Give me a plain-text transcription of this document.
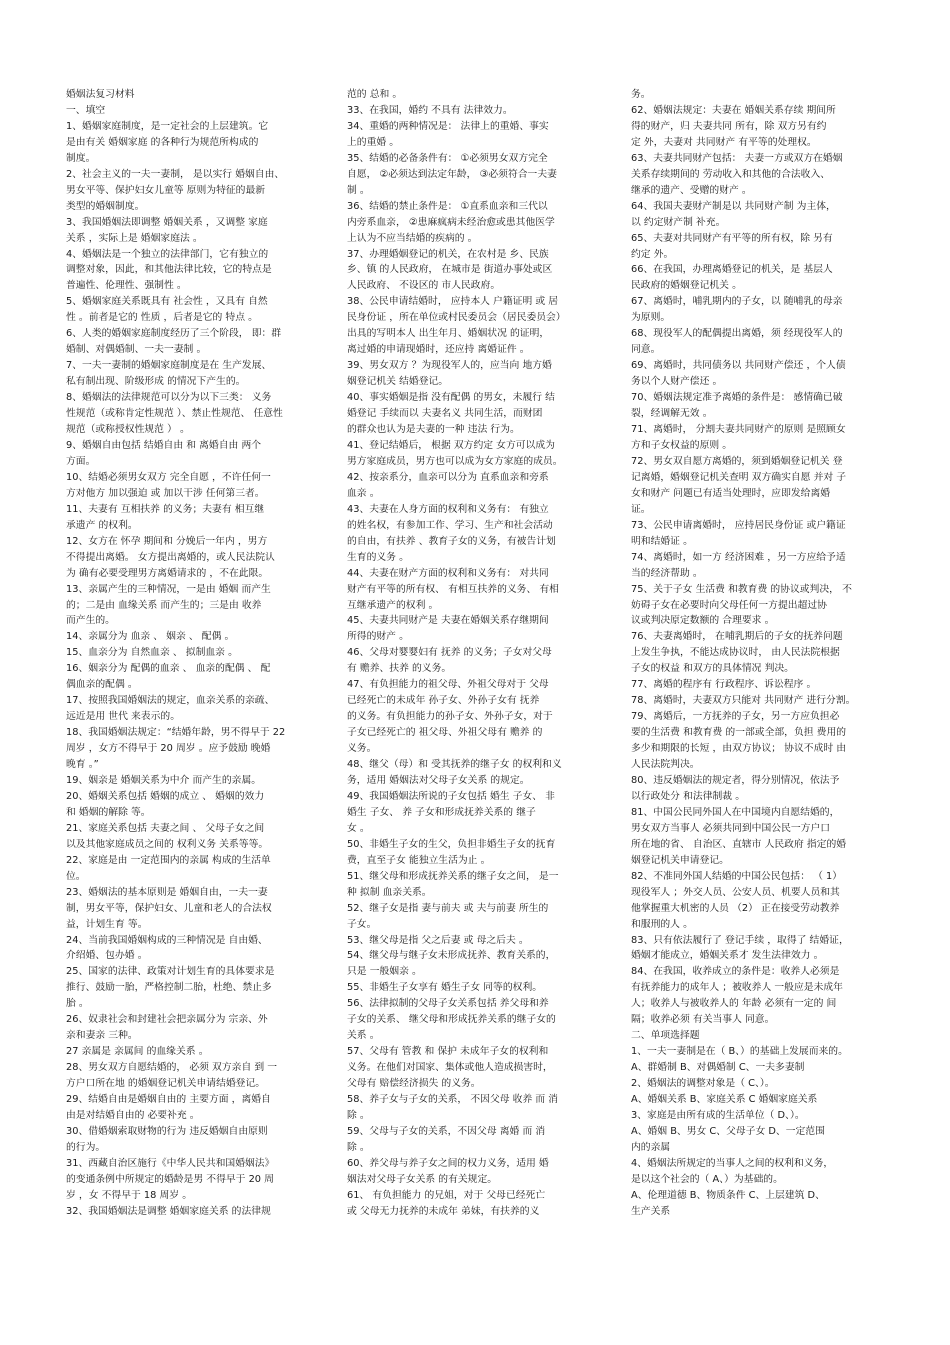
婚姻法复习材料

一、填空

1、婚姻家庭制度，是一定社会的上层建筑。它

是由有关 婚姻家庭 的各种行为规范所构成的

制度。

2、社会主义的一夫一妻制， 是以实行 婚姻自由、

男女平等、保护妇女儿童等 原则为特征的最新

类型的婚姻制度。

3、我国婚姻法即调整 婚姻关系 ，又调整 家庭

关系 ，实际上是 婚姻家庭法 。

4、婚姻法是一个独立的法律部门，它有独立的

调整对象，因此，和其他法律比较，它的特点是

普遍性、伦理性、强制性 。

5、婚姻家庭关系既具有 社会性 ，又具有 自然

性 。前者是它的 性质 ，后者是它的 特点 。

6、人类的婚姻家庭制度经历了三个阶段， 即：群

婚制、对偶婚制、一夫一妻制 。

7、一夫一妻制的婚姻家庭制度是在 生产发展、

私有制出现、阶级形成 的情况下产生的。

8、婚姻法的法律规范可以分为以下三类： 义务

性规范（或称肯定性规范 ）、禁止性规范、 任意性

规范（或称授权性规范 ） 。

9、婚姻自由包括 结婚自由 和 离婚自由 两个

方面。

10、结婚必须男女双方 完全自愿 ，不许任何一

方对他方 加以强迫 或 加以干涉 任何第三者。

11、夫妻有 互相扶养 的义务；夫妻有 相互继

承遗产 的权利。

12、女方在 怀孕 期间和 分娩后一年内 ，男方

不得提出离婚。 女方提出离婚的，或人民法院认

为 确有必要受理男方离婚请求的 ，不在此限。

13、亲属产生的三种情况，一是由 婚姻 而产生

的；二是由 血缘关系 而产生的；三是由 收养

而产生的。

14、亲属分为 血亲 、 姻亲 、 配偶 。

15、血亲分为 自然血亲 、 拟制血亲 。

16、姻亲分为 配偶的血亲 、 血亲的配偶 、 配

偶血亲的配偶 。

17、按照我国婚姻法的规定，血亲关系的亲疏、

远近是用 世代 来表示的。

18、我国婚姻法规定：“结婚年龄，男不得早于 22

周岁 ，女方不得早于 20 周岁 。应予鼓励 晚婚

晚育 。”

19、姻亲是 婚姻关系为中介 而产生的亲属。

20、婚姻关系包括 婚姻的成立 、 婚姻的效力

和 婚姻的解除 等。

21、家庭关系包括 夫妻之间 、 父母子女之间

以及其他家庭成员之间的 权利义务 关系等等。

22、家庭是由 一定范围内的亲属 构成的生活单

位。

23、婚姻法的基本原则是 婚姻自由，一夫一妻

制，男女平等，保护妇女、儿童和老人的合法权

益，计划生育 等。

24、当前我国婚姻构成的三种情况是 自由婚、

介绍婚、包办婚 。

25、国家的法律、政策对计划生育的具体要求是

推行、鼓励一胎，严格控制二胎，杜绝、禁止多

胎 。

26、奴隶社会和封建社会把亲属分为 宗亲、外

亲和妻亲 三种。

27 亲属是 亲属间 的血缘关系 。

28、男女双方自愿结婚的， 必须 双方亲自 到 一

方户口所在地 的婚姻登记机关申请结婚登记。

29、结婚自由是婚姻自由的 主要方面 ，离婚自

由是对结婚自由的 必要补充 。

30、借婚姻索取财物的行为 违反婚姻自由原则

的行为。

31、西藏自治区施行《中华人民共和国婚姻法》

的变通条例中所规定的婚龄是男 不得早于 20 周

岁 ，女 不得早于 18 周岁 。

32、我国婚姻法是调整 婚姻家庭关系 的法律规

范的 总和 。

33、在我国，婚约 不具有 法律效力。

34、重婚的两种情况是： 法律上的重婚、事实

上的重婚 。

35、结婚的必备条件有： ①必须男女双方完全

自愿， ②必须达到法定年龄， ③必须符合一夫妻

制 。

36、结婚的禁止条件是： ①直系血亲和三代以

内旁系血亲， ②患麻疯病未经治愈或患其他医学

上认为不应当结婚的疾病的 。

37、办理婚姻登记的机关，在农村是 乡、民族

乡、镇 的人民政府， 在城市是 街道办事处或区

人民政府、 不设区的 市人民政府。

38、公民申请结婚时， 应持本人 户籍证明 或 居

民身份证 ，所在单位或村民委员会（居民委员会）

出具的写明本人 出生年月、婚姻状况 的证明，

离过婚的申请现婚时，还应持 离婚证件 。

39、男女双方 ？为现役军人的，应当向 地方婚

姻登记机关 结婚登记。

40、事实婚姻是指 没有配偶 的男女，未履行 结

婚登记 手续而以 夫妻名义 共同生活，而财团

的群众也认为是夫妻的一种 违法 行为。

41、登记结婚后， 根据 双方约定 女方可以成为

男方家庭成员，男方也可以成为女方家庭的成员。

42、按亲系分，血亲可以分为 直系血亲和旁系

血亲 。

43、夫妻在人身方面的权利和义务有： 有独立

的姓名权，有参加工作、学习、生产和社会活动

的自由，有扶养 、教育子女的义务，有被告计划

生育的义务 。

44、夫妻在财产方面的权利和义务有： 对共同

财产有平等的所有权、 有相互扶养的义务、 有相

互继承遗产的权利 。

45、夫妻共同财产是 夫妻在婚姻关系存继期间

所得的财产 。

46、父母对婴婴妇有 抚养 的义务；子女对父母

有 赡养、扶养 的义务。

47、有负担能力的祖父母、外祖父母对于 父母

已经死亡的未成年 孙子女、外孙子女有 抚养

的义务。有负担能力的孙子女、外孙子女，对于

子女已经死亡的 祖父母、外祖父母有 赡养 的

义务。

48、继父（母）和 受其抚养的继子女 的权利和义

务，适用 婚姻法对父母子女关系 的规定。

49、我国婚姻法所说的子女包括 婚生 子女、 非

婚生 子女、 养 子女和形成抚养关系的 继子

女 。

50、非婚生子女的生父，负担非婚生子女的抚育

费，直至子女 能独立生活为止 。

51、继父母和形成抚养关系的继子女之间， 是一

种 拟制 血亲关系。

52、继子女是指 妻与前夫 或 夫与前妻 所生的

子女。

53、继父母是指 父之后妻 或 母之后夫 。

54、继父母与继子女未形成抚养、教育关系的，

只是 一般姻亲 。

55、非婚生子女享有 婚生子女 同等的权利。

56、法律拟制的父母子女关系包括 养父母和养

子女的关系、 继父母和形成抚养关系的继子女的

关系 。

57、父母有 管教 和 保护 未成年子女的权利和

义务。在他们对国家、集体或他人造成损害时，

父母有 赔偿经济损失 的义务。

58、养子女与子女的关系， 不因父母 收养 而 消

除 。

59、父母与子女的关系，不因父母 离婚 而 消

除 。

60、养父母与养子女之间的权力义务，适用 婚

姻法对父母子女关系 的有关规定。

61、 有负担能力 的兄姐，对于 父母已经死亡

或 父母无力抚养的未成年 弟妹，有扶养的义

务。

62、婚姻法规定：夫妻在 婚姻关系存续 期间所

得的财产，归 夫妻共同 所有，除 双方另有约

定 外，夫妻对 共同财产 有平等的处理权。

63、夫妻共同财产包括： 夫妻一方或双方在婚姻

关系存续期间的 劳动收入和其他的合法收入、

继承的遗产、受赠的财产 。

64、我国夫妻财产制是以 共同财产制 为主体，

以 约定财产制 补充。

65、夫妻对共同财产有平等的所有权，除 另有

约定 外。

66、在我国，办理离婚登记的机关，是 基层人

民政府的婚姻登记机关 。

67、离婚时，哺乳期内的子女，以 随哺乳的母亲

为原则。

68、现役军人的配偶提出离婚，须 经现役军人的

同意。

69、离婚时，共同债务以 共同财产偿还 ，个人债

务以个人财产偿还 。

70、婚姻法规定准予离婚的条件是： 感情确已破

裂，经调解无效 。

71、离婚时， 分割夫妻共同财产的原则 是照顾女

方和子女权益的原则 。

72、男女双自愿方离婚的，须到婚姻登记机关 登

记离婚，婚姻登记机关查明 双方确实自愿 并对 子

女和财产 问题已有适当处理时，应即发给离婚

证。

73、公民申请离婚时， 应持居民身份证 或户籍证

明和结婚证 。

74、离婚时，如一方 经济困难 ，另一方应给予适

当的经济帮助 。

75、关于子女 生活费 和教育费 的协议或判决， 不

妨碍子女在必要时向父母任何一方提出超过协

议或判决原定数额的 合理要求 。

76、夫妻离婚时， 在哺乳期后的子女的抚养问题

上发生争执，不能达成协议时， 由人民法院根据

子女的权益 和双方的具体情况 判决。

77、离婚的程序有 行政程序、诉讼程序 。

78、离婚时，夫妻双方只能对 共同财产 进行分割。

79、离婚后，一方抚养的子女，另一方应负担必

要的生活费 和教育费 的一部或全部，负担 费用的

多少和期限的长短 ，由双方协议； 协议不成时 由

人民法院判决。

80、违反婚姻法的规定者，得分别情况，依法予

以行政处分 和法律制裁 。

81、中国公民同外国人在中国境内自愿结婚的，

男女双方当事人 必须共同到中国公民一方户口

所在地的省、 自治区、直辖市 人民政府 指定的婚

姻登记机关申请登记。

82、不准同外国人结婚的中国公民包括： （ 1）

现役军人 ；外交人员、公安人员、机要人员和其

他掌握重大机密的人员 （2） 正在接受劳动教养

和服刑的人 。

83、只有依法履行了 登记手续 ，取得了 结婚证，

婚姻才能成立，婚姻关系才 发生法律效力 。

84、在我国，收养成立的条件是：收养人必须是

有抚养能力的成年人 ；被收养人 一般应是未成年

人；收养人与被收养人的 年龄 必须有一定的 间

隔；收养必须 有关当事人 同意。

二、单项选择题

1、一夫一妻制是在（ B、）的基础上发展而来的。

A、群婚制 B、对偶婚制 C、一夫多妻制

2、婚姻法的调整对象是（ C、）。

A、婚姻关系 B、家庭关系 C 婚姻家庭关系

3、家庭是由所有成的生活单位（ D、）。

A、婚姻 B、男女 C、父母子女 D、一定范围

内的亲属

4、婚姻法所规定的当事人之间的权利和义务，

是以这个社会的（ A、）为基础的。

A、伦理道德 B、物质条件 C、上层建筑 D、

生产关系
